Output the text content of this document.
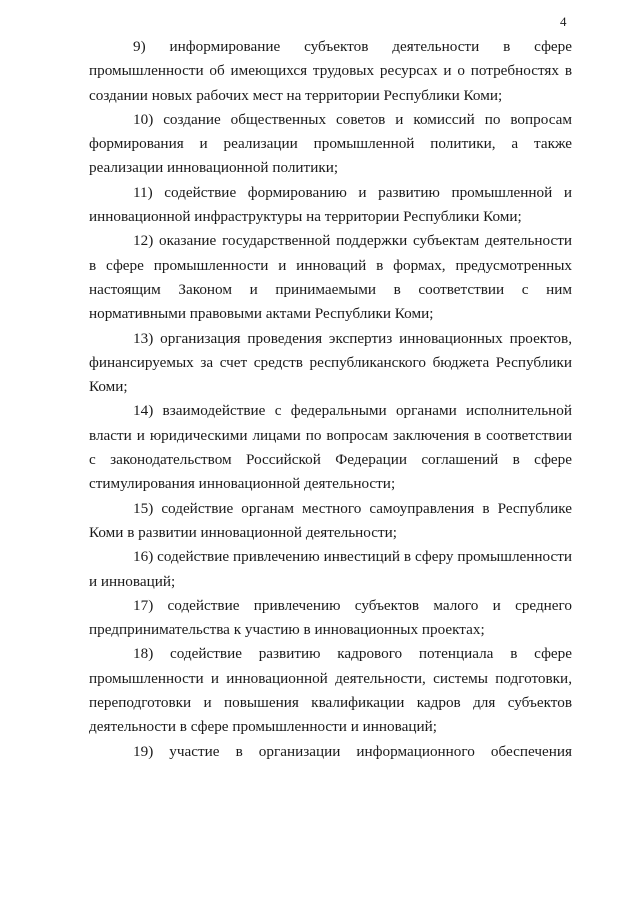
4

9) информирование субъектов деятельности в сфере промышленности об имеющихся трудовых ресурсах и о потребностях в создании новых рабочих мест на территории Республики Коми;

10) создание общественных советов и комиссий по вопросам формирования и реализации промышленной политики, а также реализации инновационной политики;

11) содействие формированию и развитию промышленной и инновационной инфраструктуры на территории Республики Коми;

12) оказание государственной поддержки субъектам деятельности в сфере промышленности и инноваций в формах, предусмотренных настоящим Законом и принимаемыми в соответствии с ним нормативными правовыми актами Республики Коми;

13) организация проведения экспертиз инновационных проектов, финансируемых за счет средств республиканского бюджета Республики Коми;

14) взаимодействие с федеральными органами исполнительной власти и юридическими лицами по вопросам заключения в соответствии с законодательством Российской Федерации соглашений в сфере стимулирования инновационной деятельности;

15) содействие органам местного самоуправления в Республике Коми в развитии инновационной деятельности;

16) содействие привлечению инвестиций в сферу промышленности и инноваций;

17) содействие привлечению субъектов малого и среднего предпринимательства к участию в инновационных проектах;

18) содействие развитию кадрового потенциала в сфере промышленности и инновационной деятельности, системы подготовки, переподготовки и повышения квалификации кадров для субъектов деятельности в сфере промышленности и инноваций;

19) участие в организации информационного обеспечения
